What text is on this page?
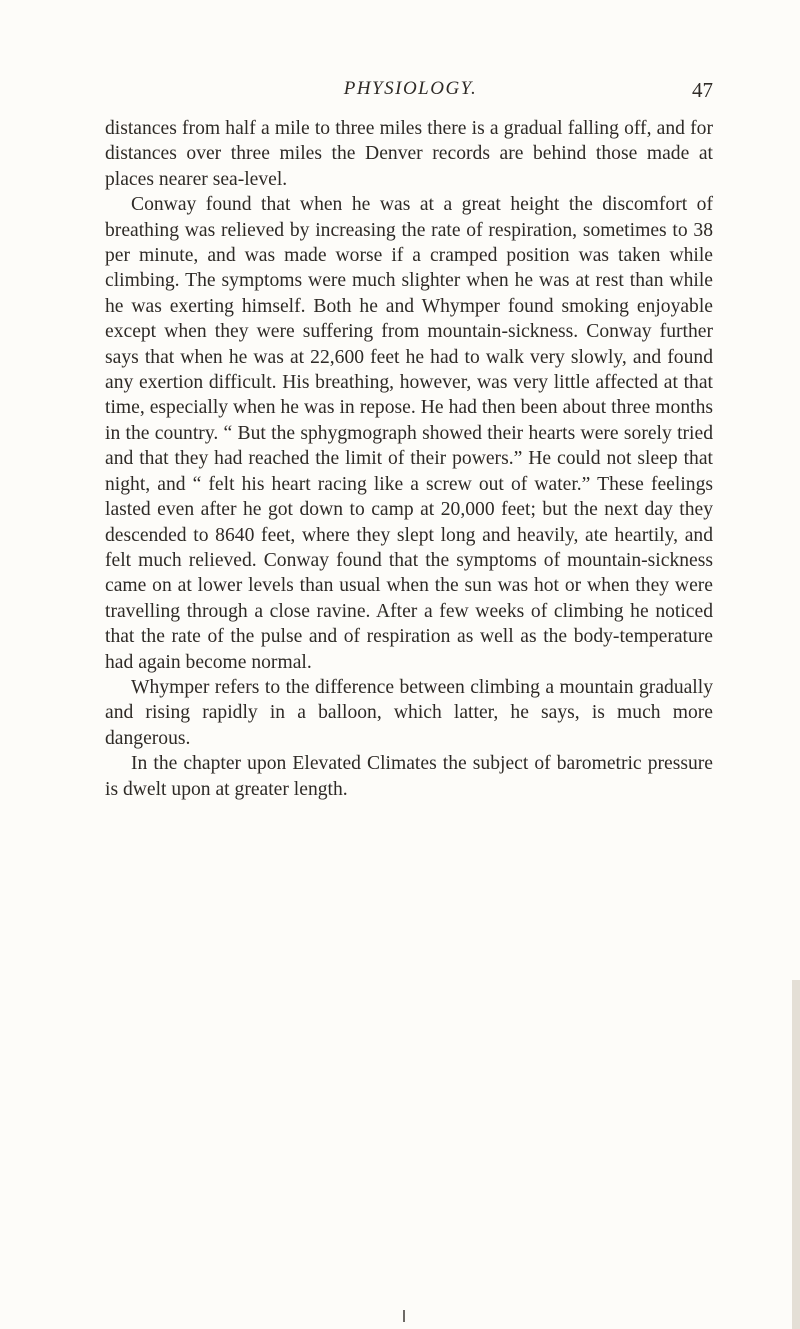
PHYSIOLOGY.	47

distances from half a mile to three miles there is a gradual falling off, and for distances over three miles the Denver records are behind those made at places nearer sea-level.

Conway found that when he was at a great height the discomfort of breathing was relieved by increasing the rate of respiration, sometimes to 38 per minute, and was made worse if a cramped position was taken while climbing. The symptoms were much slighter when he was at rest than while he was exerting himself. Both he and Whymper found smoking enjoyable except when they were suffering from mountain-sickness. Conway further says that when he was at 22,600 feet he had to walk very slowly, and found any exertion difficult. His breathing, however, was very little affected at that time, especially when he was in repose. He had then been about three months in the country. “ But the sphygmograph showed their hearts were sorely tried and that they had reached the limit of their powers.” He could not sleep that night, and “ felt his heart racing like a screw out of water.” These feelings lasted even after he got down to camp at 20,000 feet; but the next day they descended to 8640 feet, where they slept long and heavily, ate heartily, and felt much relieved. Conway found that the symptoms of mountain-sickness came on at lower levels than usual when the sun was hot or when they were travelling through a close ravine. After a few weeks of climbing he noticed that the rate of the pulse and of respiration as well as the body-temperature had again become normal.

Whymper refers to the difference between climbing a mountain gradually and rising rapidly in a balloon, which latter, he says, is much more dangerous.

In the chapter upon Elevated Climates the subject of barometric pressure is dwelt upon at greater length.
